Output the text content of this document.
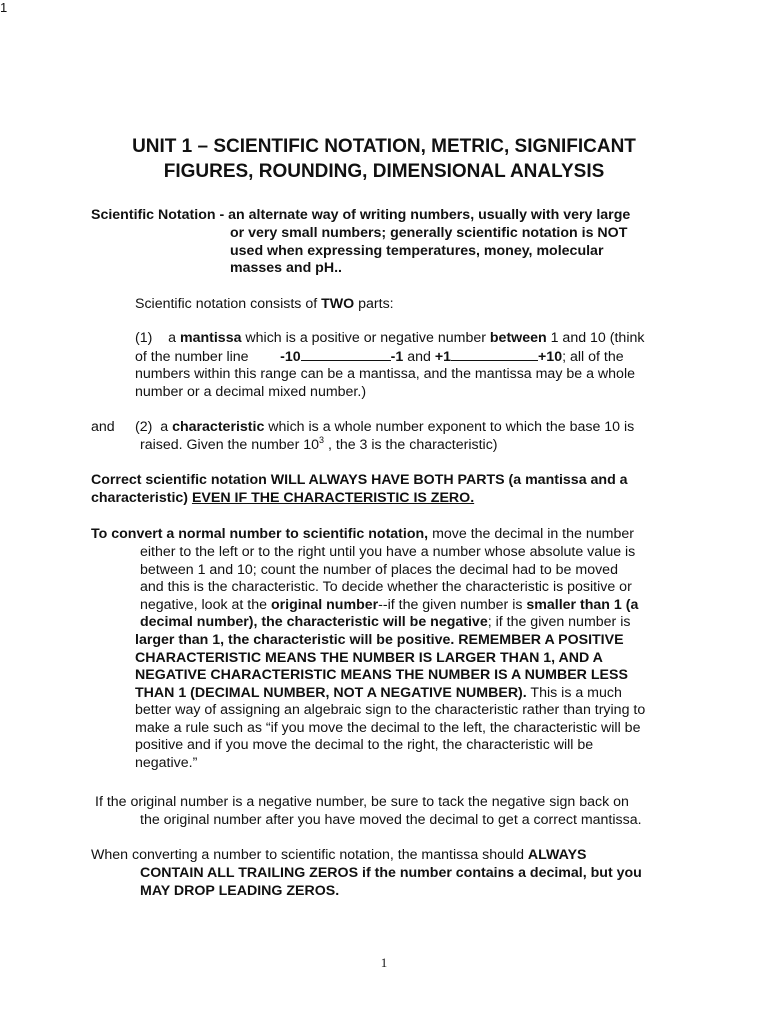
1
UNIT 1 – SCIENTIFIC NOTATION, METRIC, SIGNIFICANT
FIGURES, ROUNDING, DIMENSIONAL ANALYSIS

Scientific Notation - an alternate way of writing numbers, usually with very large

or very small numbers; generally scientific notation is NOT

used when expressing temperatures, money, molecular

masses and pH..

Scientific notation consists of TWO parts:

(1) a mantissa which is a positive or negative number between 1 and 10 (think

of the number line -10	-1 and +1	+10; all of the

numbers within this range can be a mantissa, and the mantissa may be a whole

number or a decimal mixed number.)

and (2) a characteristic which is a whole number exponent to which the base 10 is

raised. Given the number $10^3$ , the 3 is the characteristic)

Correct scientific notation WILL ALWAYS HAVE BOTH PARTS (a mantissa and a

characteristic) EVEN IF THE CHARACTERISTIC IS ZERO.

To convert a normal number to scientific notation, move the decimal in the number

either to the left or to the right until you have a number whose absolute value is

between 1 and 10; count the number of places the decimal had to be moved

and this is the characteristic. To decide whether the characteristic is positive or

negative, look at the original number--if the given number is smaller than 1 (a

decimal number), the characteristic will be negative; if the given number is

larger than 1, the characteristic will be positive. REMEMBER A POSITIVE

CHARACTERISTIC MEANS THE NUMBER IS LARGER THAN 1, AND A

NEGATIVE CHARACTERISTIC MEANS THE NUMBER IS A NUMBER LESS

THAN 1 (DECIMAL NUMBER, NOT A NEGATIVE NUMBER). This is a much

better way of assigning an algebraic sign to the characteristic rather than trying to

make a rule such as “if you move the decimal to the left, the characteristic will be

positive and if you move the decimal to the right, the characteristic will be

negative.”

If the original number is a negative number, be sure to tack the negative sign back on

the original number after you have moved the decimal to get a correct mantissa.

When converting a number to scientific notation, the mantissa should ALWAYS

CONTAIN ALL TRAILING ZEROS if the number contains a decimal, but you

MAY DROP LEADING ZEROS.

1
